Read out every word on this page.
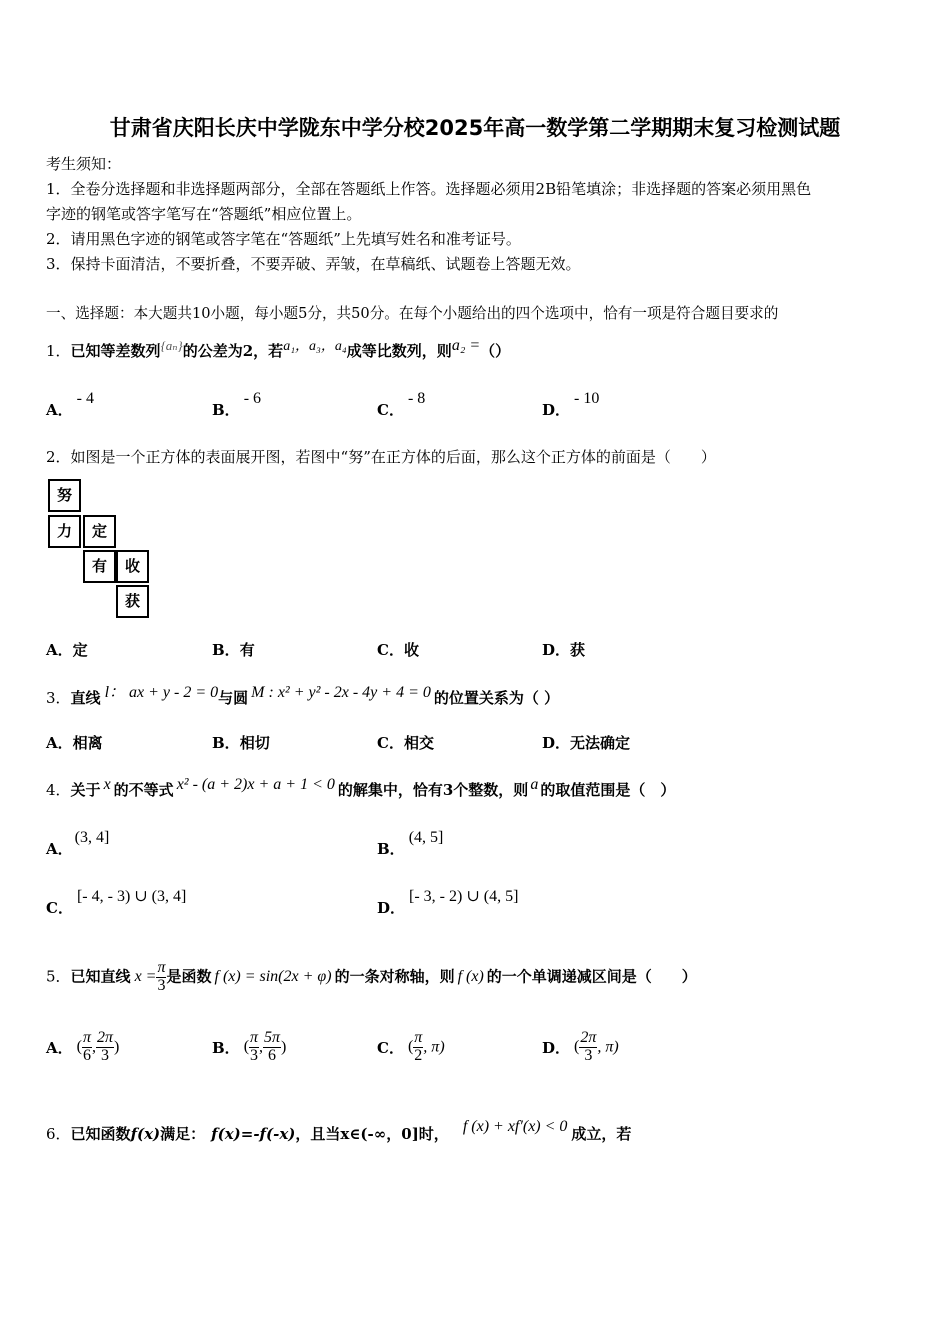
甘肃省庆阳长庆中学陇东中学分校2025年高一数学第二学期期末复习检测试题
考生须知：
1．全卷分选择题和非选择题两部分，全部在答题纸上作答。选择题必须用2B铅笔填涂；非选择题的答案必须用黑色
字迹的钢笔或答字笔写在“答题纸”相应位置上。
2．请用黑色字迹的钢笔或答字笔在“答题纸”上先填写姓名和准考证号。
3．保持卡面清洁，不要折叠，不要弄破、弄皱，在草稿纸、试题卷上答题无效。
一、选择题：本大题共10小题，每小题5分，共50分。在每个小题给出的四个选项中，恰有一项是符合题目要求的
1．已知等差数列{aₙ}的公差为2，若a₁，a₃，a₄成等比数列，则a₂ =（）
A．- 4
B．- 6
C．- 8
D．- 10
2．如图是一个正方体的表面展开图，若图中“努”在正方体的后面，那么这个正方体的前面是（　　）
努
力	定
有	收
获
A．定	B．有	C．收	D．获
3．直线 l： ax + y - 2 = 0与圆 M : x² + y² - 2x - 4y + 4 = 0 的位置关系为（ ）
A．相离	B．相切	C．相交	D．无法确定
4．关于 x 的不等式 x² - (a + 2)x + a + 1 < 0 的解集中，恰有3个整数，则 a 的取值范围是（　）
A．(3, 4]
B．(4, 5]
C．[- 4, - 3) ∪ (3, 4]
D．[- 3, - 2) ∪ (4, 5]
5．已知直线 $x = \frac{\pi}{3}$ 是函数 f (x) = sin(2x + φ) 的一条对称轴，则 f (x) 的一个单调递减区间是（　　）
A． ( $\frac{\pi}{6}$ , $\frac{2\pi}{3}$ )	B． ( $\frac{\pi}{3}$ , $\frac{5\pi}{6}$ )	C． ( $\frac{\pi}{2}$ , π)	D． ( $\frac{2\pi}{3}$ , π)
6．已知函数f(x)满足： f(x)=-f(-x)，且当x∈(-∞，0]时， f (x) + xf′(x) < 0 成立，若
